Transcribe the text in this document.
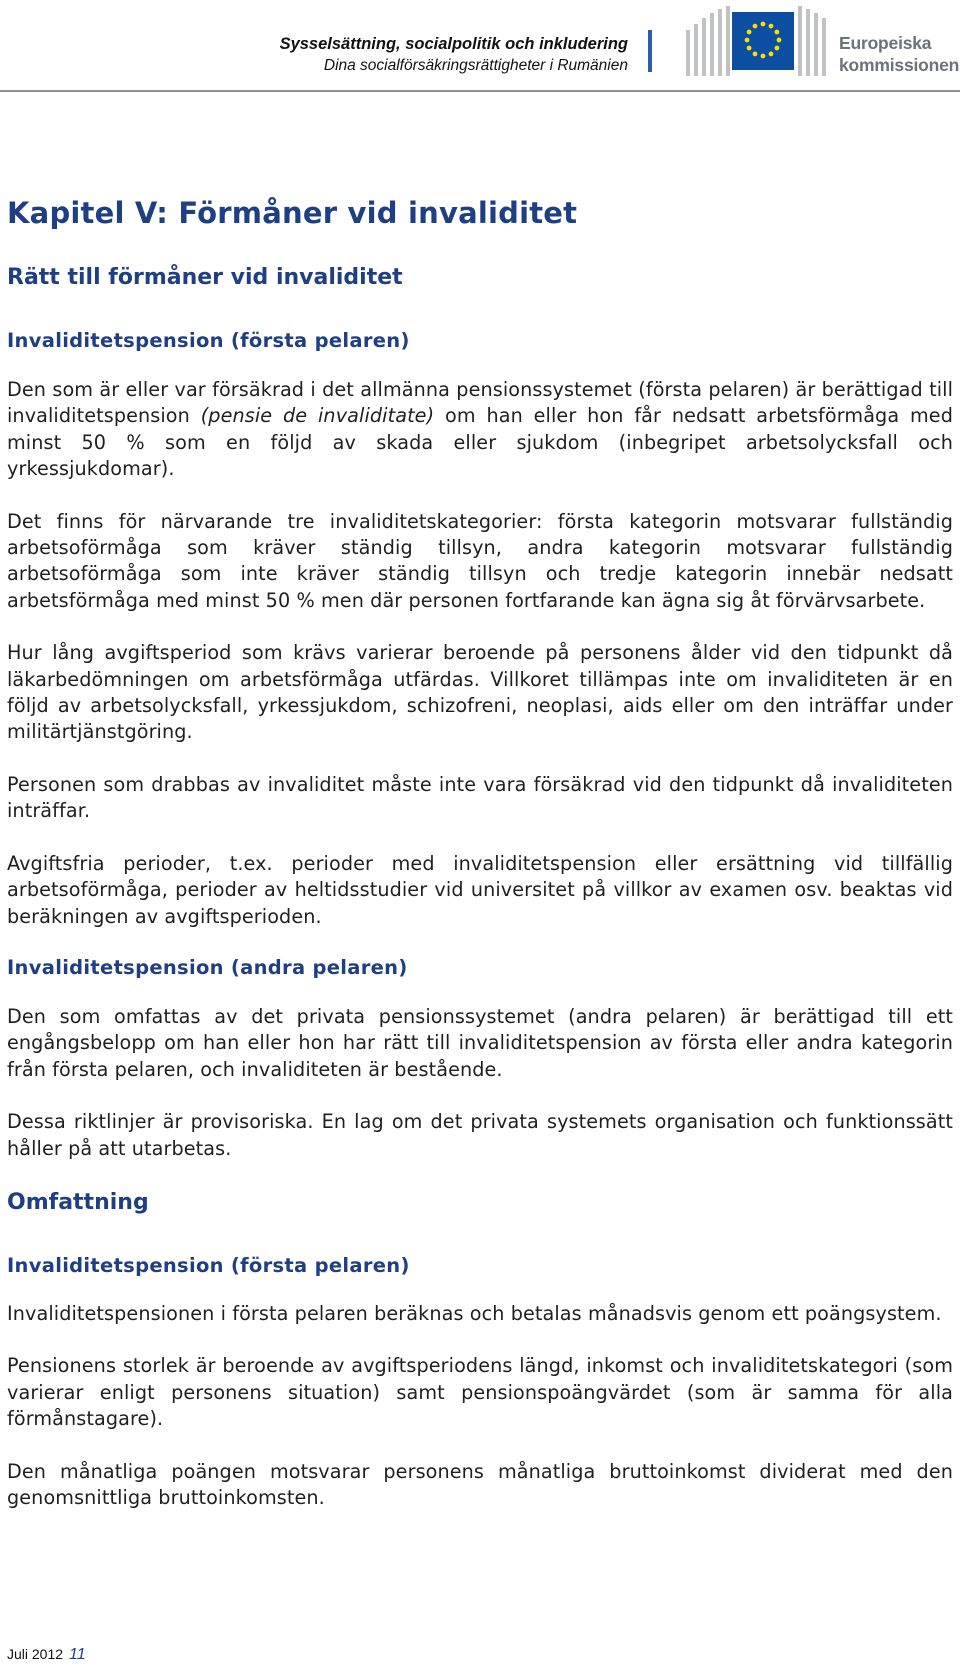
Sysselsättning, socialpolitik och inkludering
Dina socialförsäkringsrättigheter i Rumänien
Europeiska
kommissionen
Kapitel V: Förmåner vid invaliditet
Rätt till förmåner vid invaliditet
Invaliditetspension (första pelaren)

Den som är eller var försäkrad i det allmänna pensionssystemet (första pelaren) är berättigad till invaliditetspension (pensie de invaliditate) om han eller hon får nedsatt arbetsförmåga med minst 50 % som en följd av skada eller sjukdom (inbegripet arbetsolycksfall och yrkessjukdomar).

Det finns för närvarande tre invaliditetskategorier: första kategorin motsvarar fullständig arbetsoförmåga som kräver ständig tillsyn, andra kategorin motsvarar fullständig arbetsoförmåga som inte kräver ständig tillsyn och tredje kategorin innebär nedsatt arbetsförmåga med minst 50 % men där personen fortfarande kan ägna sig åt förvärvsarbete.

Hur lång avgiftsperiod som krävs varierar beroende på personens ålder vid den tidpunkt då läkarbedömningen om arbetsförmåga utfärdas. Villkoret tillämpas inte om invaliditeten är en följd av arbetsolycksfall, yrkessjukdom, schizofreni, neoplasi, aids eller om den inträffar under militärtjänstgöring.

Personen som drabbas av invaliditet måste inte vara försäkrad vid den tidpunkt då invaliditeten inträffar.

Avgiftsfria perioder, t.ex. perioder med invaliditetspension eller ersättning vid tillfällig arbetsoförmåga, perioder av heltidsstudier vid universitet på villkor av examen osv. beaktas vid beräkningen av avgiftsperioden.

Invaliditetspension (andra pelaren)

Den som omfattas av det privata pensionssystemet (andra pelaren) är berättigad till ett engångsbelopp om han eller hon har rätt till invaliditetspension av första eller andra kategorin från första pelaren, och invaliditeten är bestående.

Dessa riktlinjer är provisoriska. En lag om det privata systemets organisation och funktionssätt håller på att utarbetas.

Omfattning
Invaliditetspension (första pelaren)

Invaliditetspensionen i första pelaren beräknas och betalas månadsvis genom ett poängsystem.

Pensionens storlek är beroende av avgiftsperiodens längd, inkomst och invaliditetskategori (som varierar enligt personens situation) samt pensionspoängvärdet (som är samma för alla förmånstagare).

Den månatliga poängen motsvarar personens månatliga bruttoinkomst dividerat med den genomsnittliga bruttoinkomsten.

Juli 2012 11
